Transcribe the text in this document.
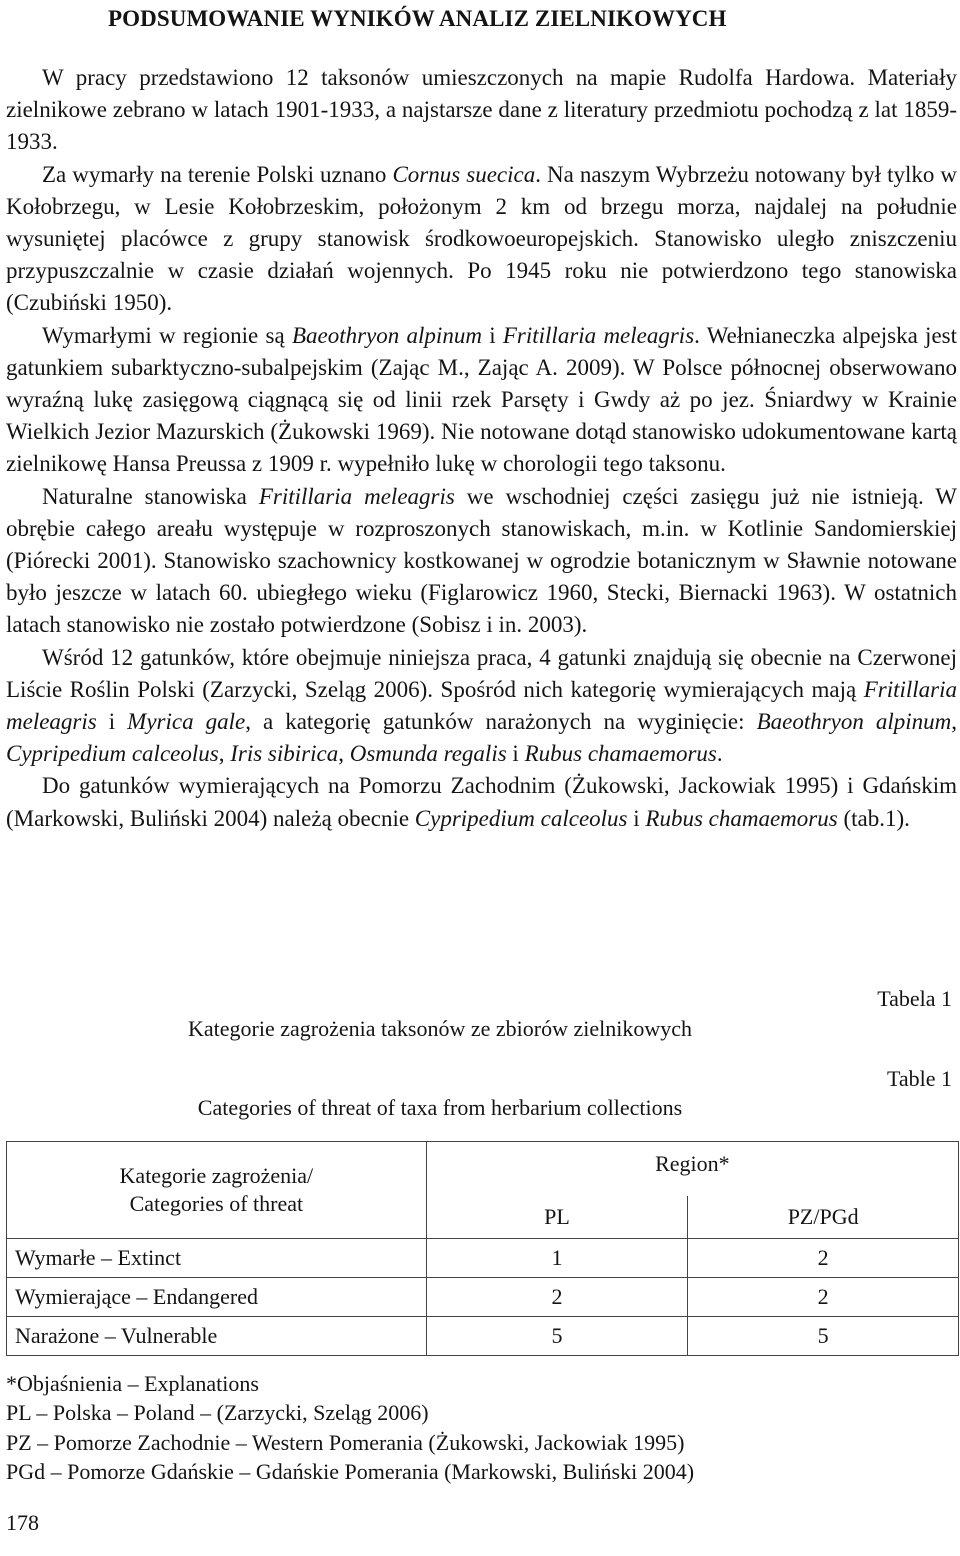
PODSUMOWANIE WYNIKÓW ANALIZ ZIELNIKOWYCH

W pracy przedstawiono 12 taksonów umieszczonych na mapie Rudolfa Hardowa. Materiały zielnikowe zebrano w latach 1901-1933, a najstarsze dane z literatury przedmiotu pochodzą z lat 1859-1933.

Za wymarły na terenie Polski uznano Cornus suecica. Na naszym Wybrzeżu notowany był tylko w Kołobrzegu, w Lesie Kołobrzeskim, położonym 2 km od brzegu morza, najdalej na południe wysuniętej placówce z grupy stanowisk środkowoeuropejskich. Stanowisko uległo zniszczeniu przypuszczalnie w czasie działań wojennych. Po 1945 roku nie potwierdzono tego stanowiska (Czubiński 1950).

Wymarłymi w regionie są Baeothryon alpinum i Fritillaria meleagris. Wełnianeczka alpejska jest gatunkiem subarktyczno-subalpejskim (Zając M., Zając A. 2009). W Polsce północnej obserwowano wyraźną lukę zasięgową ciągnącą się od linii rzek Parsęty i Gwdy aż po jez. Śniardwy w Krainie Wielkich Jezior Mazurskich (Żukowski 1969). Nie notowane dotąd stanowisko udokumentowane kartą zielnikowę Hansa Preussa z 1909 r. wypełniło lukę w chorologii tego taksonu.

Naturalne stanowiska Fritillaria meleagris we wschodniej części zasięgu już nie istnieją. W obrębie całego areału występuje w rozproszonych stanowiskach, m.in. w Kotlinie Sandomierskiej (Piórecki 2001). Stanowisko szachownicy kostkowanej w ogrodzie botanicznym w Sławnie notowane było jeszcze w latach 60. ubiegłego wieku (Figlarowicz 1960, Stecki, Biernacki 1963). W ostatnich latach stanowisko nie zostało potwierdzone (Sobisz i in. 2003).

Wśród 12 gatunków, które obejmuje niniejsza praca, 4 gatunki znajdują się obecnie na Czerwonej Liście Roślin Polski (Zarzycki, Szeląg 2006). Spośród nich kategorię wymierających mają Fritillaria meleagris i Myrica gale, a kategorię gatunków narażonych na wyginięcie: Baeothryon alpinum, Cypripedium calceolus, Iris sibirica, Osmunda regalis i Rubus chamaemorus.

Do gatunków wymierających na Pomorzu Zachodnim (Żukowski, Jackowiak 1995) i Gdańskim (Markowski, Buliński 2004) należą obecnie Cypripedium calceolus i Rubus chamaemorus (tab.1).

Tabela 1
Kategorie zagrożenia taksonów ze zbiorów zielnikowych
Table 1
Categories of threat of taxa from herbarium collections
Kategorie zagrożenia/
Categories of threat	Region*	
	PL	PZ/PGd
Wymarłe – Extinct	1	2
Wymierające – Endangered	2	2
Narażone – Vulnerable	5	5
*Objaśnienia – Explanations
PL – Polska – Poland – (Zarzycki, Szeląg 2006)
PZ – Pomorze Zachodnie – Western Pomerania (Żukowski, Jackowiak 1995)
PGd – Pomorze Gdańskie – Gdańskie Pomerania (Markowski, Buliński 2004)
178
